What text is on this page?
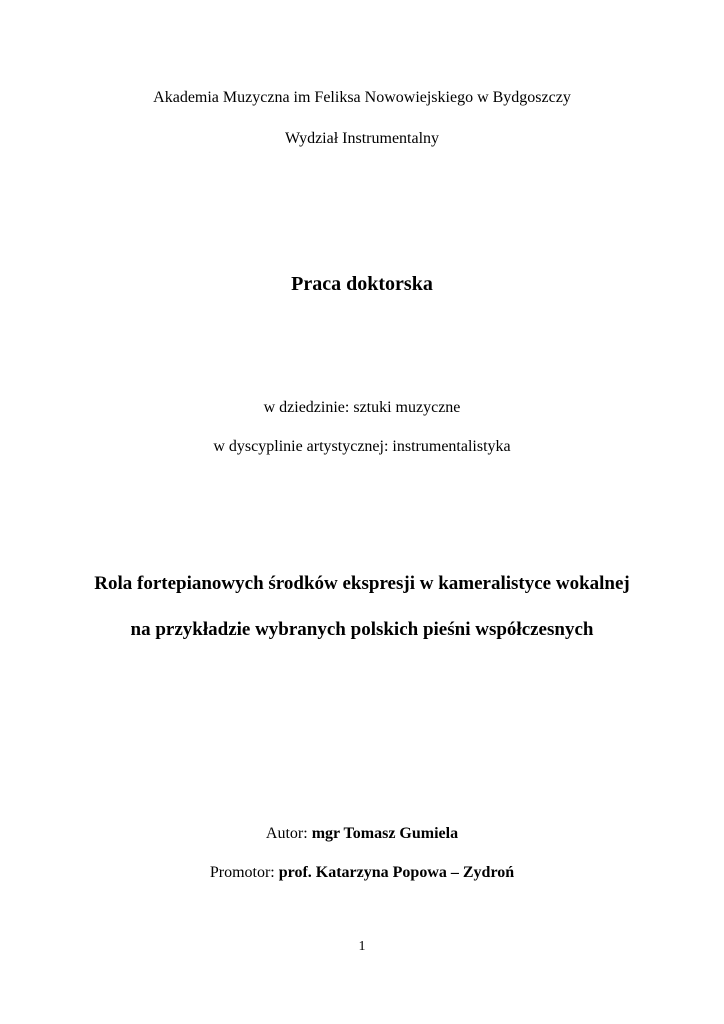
Akademia Muzyczna im Feliksa Nowowiejskiego w Bydgoszczy
Wydział Instrumentalny
Praca doktorska
w dziedzinie: sztuki muzyczne
w dyscyplinie artystycznej: instrumentalistyka
Rola fortepianowych środków ekspresji w kameralistyce wokalnej
na przykładzie wybranych polskich pieśni współczesnych
Autor: mgr Tomasz Gumiela
Promotor: prof. Katarzyna Popowa – Zydroń
1
